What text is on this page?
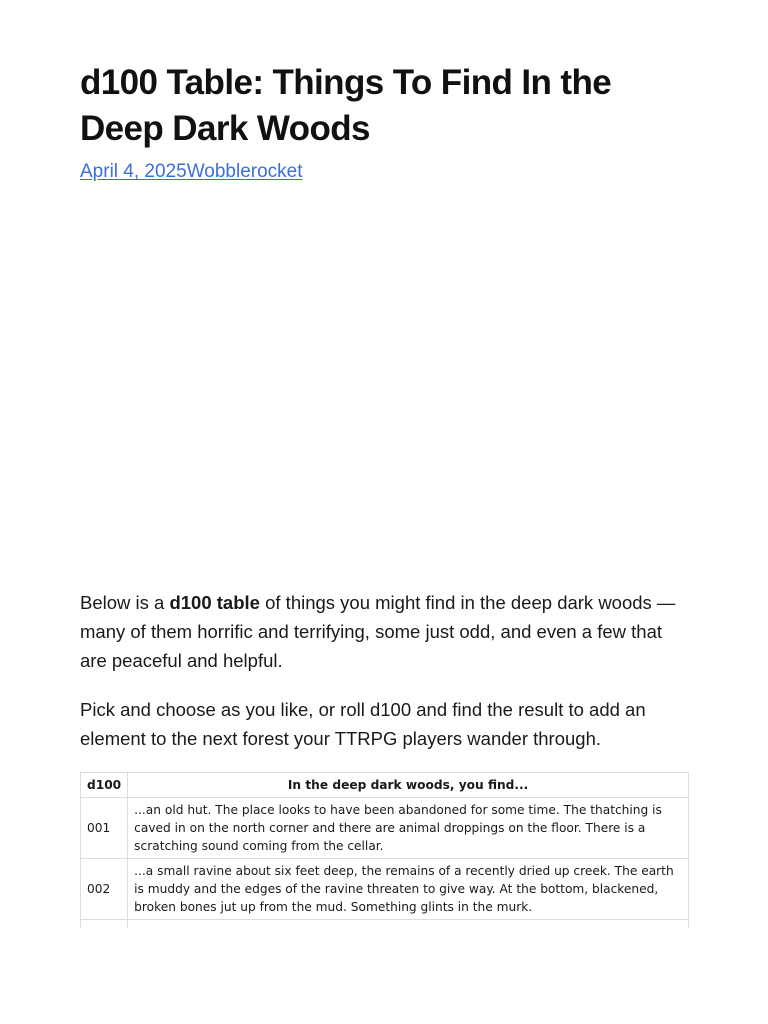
d100 Table: Things To Find In the Deep Dark Woods
April 4, 2025Wobblerocket

Below is a d100 table of things you might find in the deep dark woods — many of them horrific and terrifying, some just odd, and even a few that are peaceful and helpful.

Pick and choose as you like, or roll d100 and find the result to add an element to the next forest your TTRPG players wander through.

d100	In the deep dark woods, you find...
001	...an old hut. The place looks to have been abandoned for some time. The thatching is caved in on the north corner and there are animal droppings on the floor. There is a scratching sound coming from the cellar.
002	...a small ravine about six feet deep, the remains of a recently dried up creek. The earth is muddy and the edges of the ravine threaten to give way. At the bottom, blackened, broken bones jut up from the mud. Something glints in the murk.
